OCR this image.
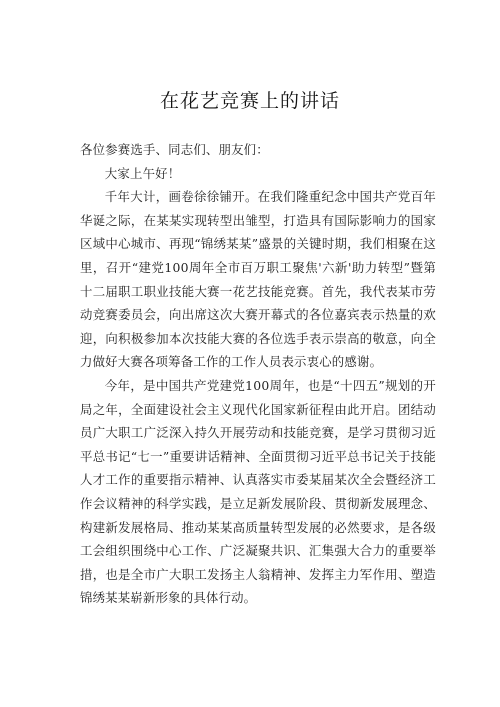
在花艺竞赛上的讲话

各位参赛选手、同志们、朋友们：

大家上午好！

千年大计，画卷徐徐铺开。在我们隆重纪念中国共产党百年华诞之际，在某某实现转型出雏型，打造具有国际影响力的国家区域中心城市、再现“锦绣某某”盛景的关键时期，我们相聚在这里，召开“建党100周年全市百万职工聚焦'六新'助力转型”暨第十二届职工职业技能大赛一花艺技能竞赛。首先，我代表某市劳动竞赛委员会，向出席这次大赛开幕式的各位嘉宾表示热量的欢迎，向积极参加本次技能大赛的各位选手表示崇高的敬意，向全力做好大赛各项筹备工作的工作人员表示衷心的感谢。

今年，是中国共产党建党100周年，也是“十四五”规划的开局之年，全面建设社会主义现代化国家新征程由此开启。团结动员广大职工广泛深入持久开展劳动和技能竞赛，是学习贯彻习近平总书记“七一”重要讲话精神、全面贯彻习近平总书记关于技能人才工作的重要指示精神、认真落实市委某届某次全会暨经济工作会议精神的科学实践，是立足新发展阶段、贯彻新发展理念、构建新发展格局、推动某某高质量转型发展的必然要求，是各级工会组织围绕中心工作、广泛凝聚共识、汇集强大合力的重要举措，也是全市广大职工发扬主人翁精神、发挥主力军作用、塑造锦绣某某崭新形象的具体行动。
